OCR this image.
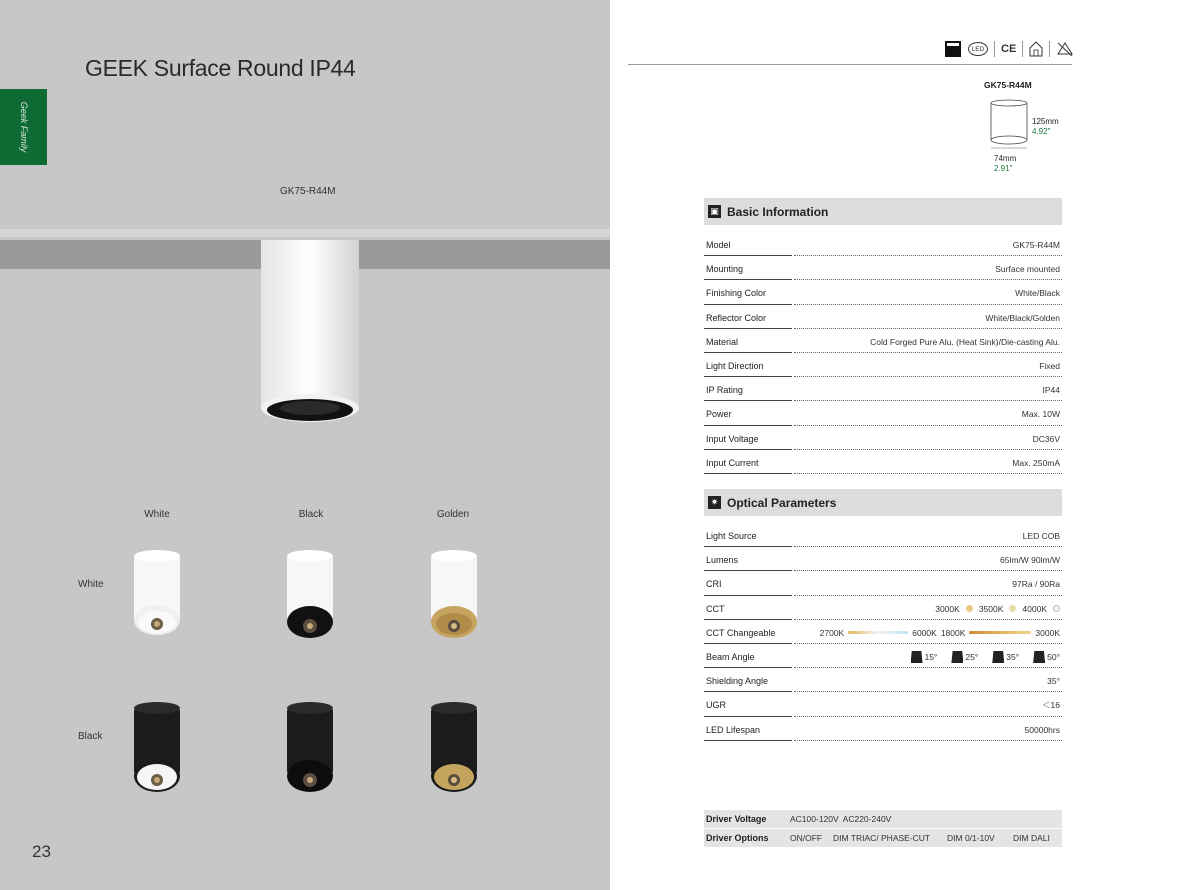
GEEK Surface Round IP44
Geek Family
GK75-R44M
White	Black	Golden
White
Black
23
LED	CE
GK75-R44M
125mm
4.92"
74mm
2.91"
▣ Basic Information
Model	GK75-R44M
Mounting	Surface mounted
Finishing Color	White/Black
Reflector Color	White/Black/Golden
Material	Cold Forged Pure Alu. (Heat Sink)/Die-casting Alu.
Light Direction	Fixed
IP Rating	IP44
Power	Max. 10W
Input Voltage	DC36V
Input Current	Max. 250mA
✷ Optical Parameters
Light Source	LED COB
Lumens	65lm/W 90lm/W
CRI	97Ra / 90Ra
CCT	3000K 3500K 4000K
CCT Changeable	2700K	6000K 1800K	3000K
Beam Angle	15°	25°	35°	50°
Shielding Angle	35°
UGR	＜16
LED Lifespan	50000hrs
Driver Voltage	AC100-120V AC220-240V
Driver Options	ON/OFF	DIM TRIAC/ PHASE-CUT	DIM 0/1-10V	DIM DALI
